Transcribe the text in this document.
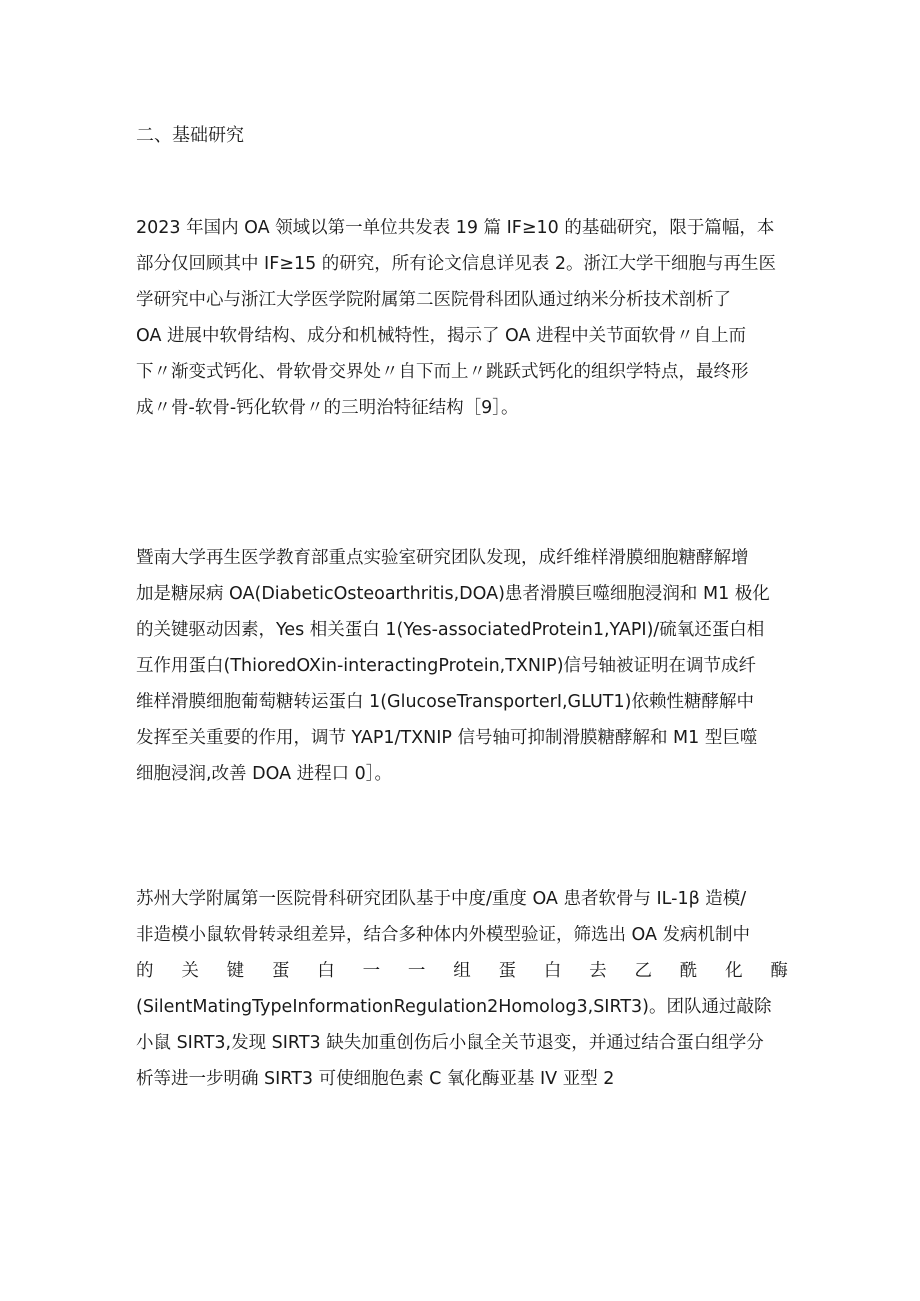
二、基础研究
2023 年国内 OA 领域以第一单位共发表 19 篇 IF≥10 的基础研究，限于篇幅，本
部分仅回顾其中 IF≥15 的研究，所有论文信息详见表 2。浙江大学干细胞与再生医
学研究中心与浙江大学医学院附属第二医院骨科团队通过纳米分析技术剖析了
OA 进展中软骨结构、成分和机械特性，揭示了 OA 进程中关节面软骨〃自上而
下〃渐变式钙化、骨软骨交界处〃自下而上〃跳跃式钙化的组织学特点，最终形
成〃骨-软骨-钙化软骨〃的三明治特征结构［9］。
暨南大学再生医学教育部重点实验室研究团队发现，成纤维样滑膜细胞糖酵解增
加是糖尿病 OA(DiabeticOsteoarthritis,DOA)患者滑膜巨噬细胞浸润和 M1 极化
的关键驱动因素，Yes 相关蛋白 1(Yes-associatedProtein1,YAPI)/硫氧还蛋白相
互作用蛋白(ThioredOXin-interactingProtein,TXNIP)信号轴被证明在调节成纤
维样滑膜细胞葡萄糖转运蛋白 1(GlucoseTransporterI,GLUT1)依赖性糖酵解中
发挥至关重要的作用，调节 YAP1/TXNIP 信号轴可抑制滑膜糖酵解和 M1 型巨噬
细胞浸润,改善 DOA 进程口 0］。
苏州大学附属第一医院骨科研究团队基于中度/重度 OA 患者软骨与 IL-1β 造模/
非造模小鼠软骨转录组差异，结合多种体内外模型验证，筛选出 OA 发病机制中
的 关 键 蛋 白 一 一 组 蛋 白 去 乙 酰 化 酶
(SilentMatingTypeInformationRegulation2Homolog3,SIRT3)。团队通过敲除
小鼠 SIRT3,发现 SIRT3 缺失加重创伤后小鼠全关节退变，并通过结合蛋白组学分
析等进一步明确 SIRT3 可使细胞色素 C 氧化酶亚基 IV 亚型 2
